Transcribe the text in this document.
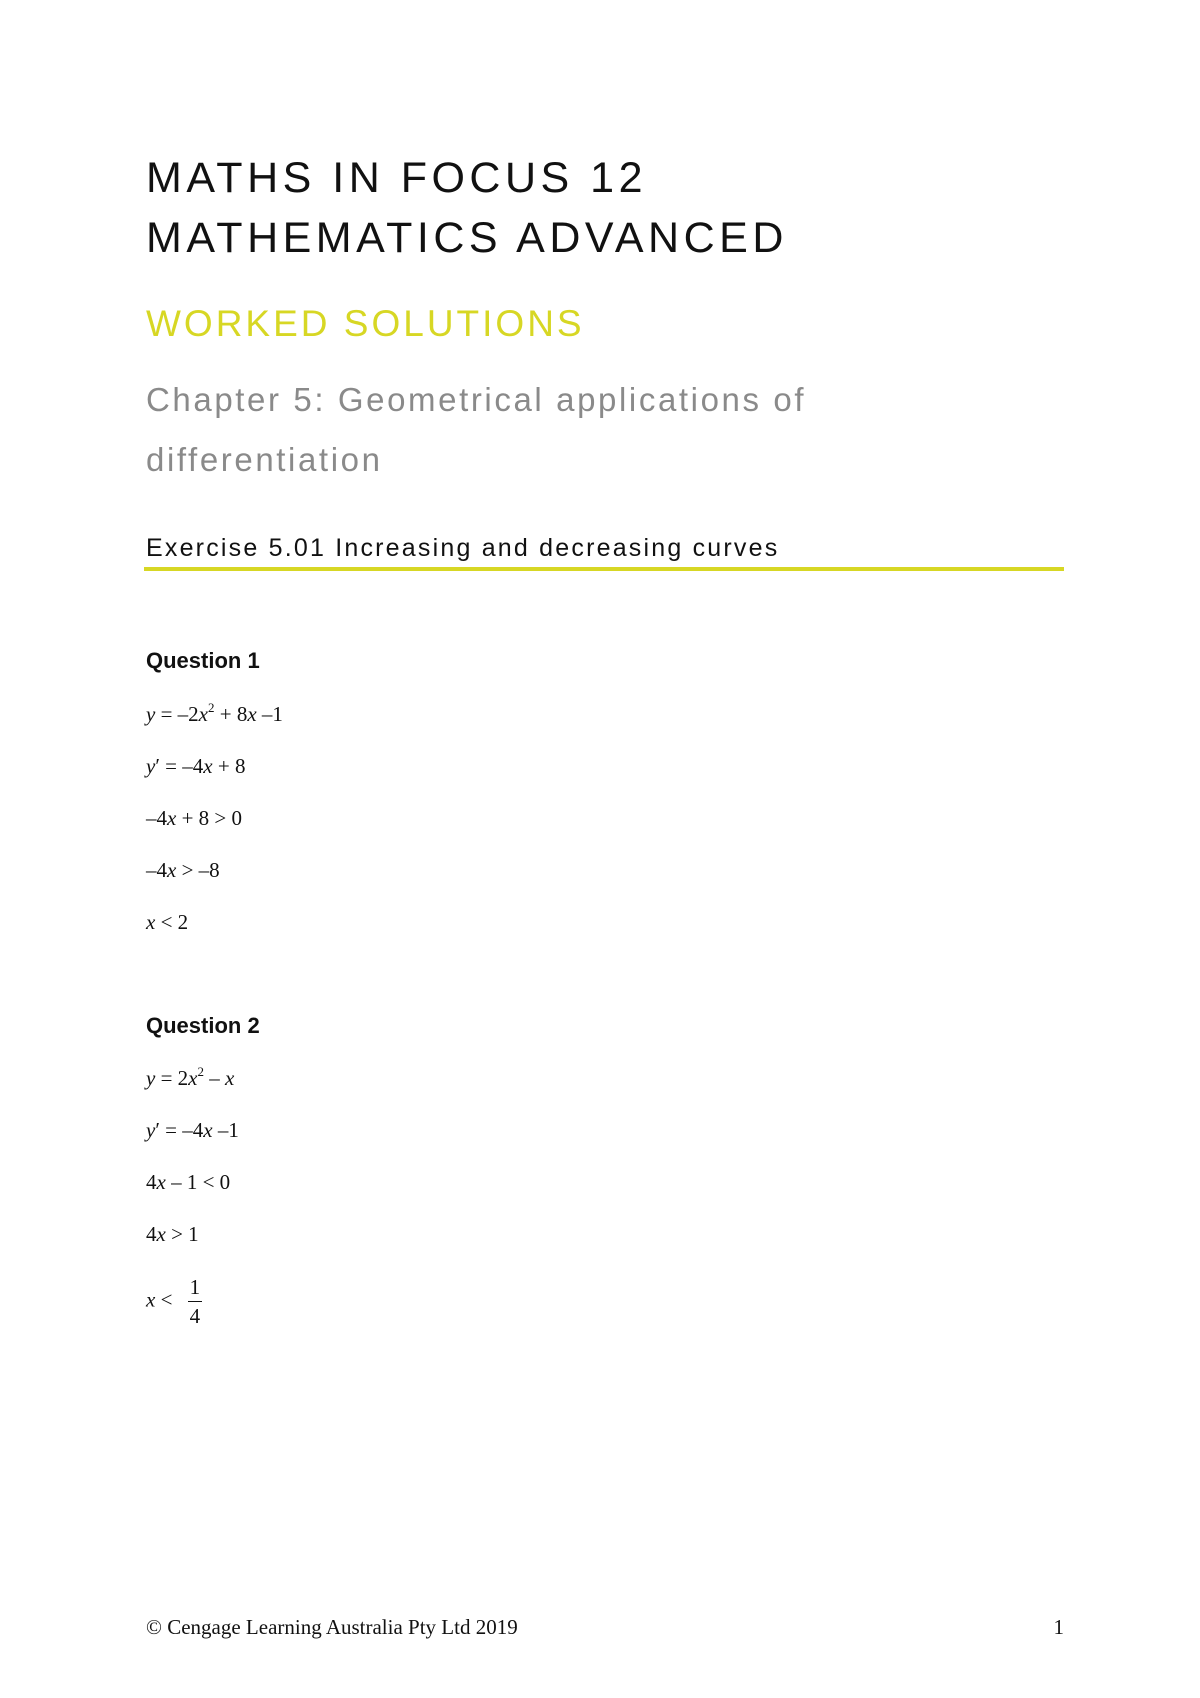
MATHS IN FOCUS 12
MATHEMATICS ADVANCED
WORKED SOLUTIONS
Chapter 5: Geometrical applications of differentiation
Exercise 5.01 Increasing and decreasing curves
Question 1
$y = -2x^2 + 8x$ –1
y′ = –4x + 8
–4x + 8 > 0
–4x > –8
x < 2
Question 2
$y = 2x^2 - x$
y′ = –4x –1
4x – 1 < 0
4x > 1
$x < \frac{1}{4}$
© Cengage Learning Australia Pty Ltd 2019	1
